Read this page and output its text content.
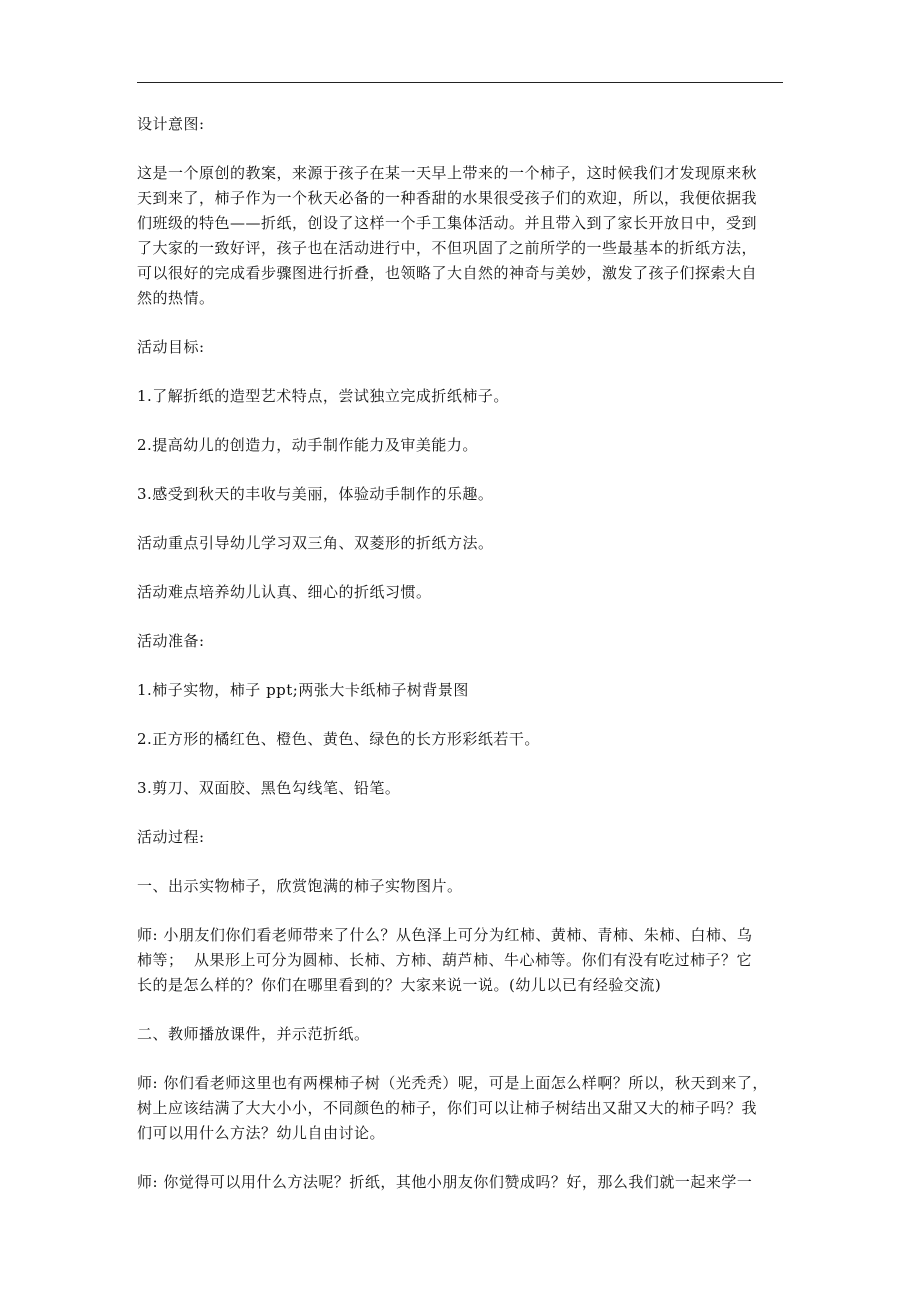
设计意图:

这是一个原创的教案，来源于孩子在某一天早上带来的一个柿子，这时候我们才发现原来秋
天到来了，柿子作为一个秋天必备的一种香甜的水果很受孩子们的欢迎，所以，我便依据我
们班级的特色——折纸，创设了这样一个手工集体活动。并且带入到了家长开放日中，受到
了大家的一致好评，孩子也在活动进行中，不但巩固了之前所学的一些最基本的折纸方法，
可以很好的完成看步骤图进行折叠，也领略了大自然的神奇与美妙，激发了孩子们探索大自
然的热情。

活动目标:

1.了解折纸的造型艺术特点，尝试独立完成折纸柿子。

2.提高幼儿的创造力，动手制作能力及审美能力。

3.感受到秋天的丰收与美丽，体验动手制作的乐趣。

活动重点引导幼儿学习双三角、双菱形的折纸方法。

活动难点培养幼儿认真、细心的折纸习惯。

活动准备:

1.柿子实物，柿子 ppt;两张大卡纸柿子树背景图

2.正方形的橘红色、橙色、黄色、绿色的长方形彩纸若干。

3.剪刀、双面胶、黑色勾线笔、铅笔。

活动过程:

一、出示实物柿子，欣赏饱满的柿子实物图片。

师: 小朋友们你们看老师带来了什么？从色泽上可分为红柿、黄柿、青柿、朱柿、白柿、乌
柿等；  从果形上可分为圆柿、长柿、方柿、葫芦柿、牛心柿等。你们有没有吃过柿子？它
长的是怎么样的？你们在哪里看到的？大家来说一说。(幼儿以已有经验交流)

二、教师播放课件，并示范折纸。

师: 你们看老师这里也有两棵柿子树（光秃秃）呢，可是上面怎么样啊？所以，秋天到来了，
树上应该结满了大大小小，不同颜色的柿子，你们可以让柿子树结出又甜又大的柿子吗？我
们可以用什么方法？幼儿自由讨论。

师: 你觉得可以用什么方法呢？折纸，其他小朋友你们赞成吗？好，那么我们就一起来学一
